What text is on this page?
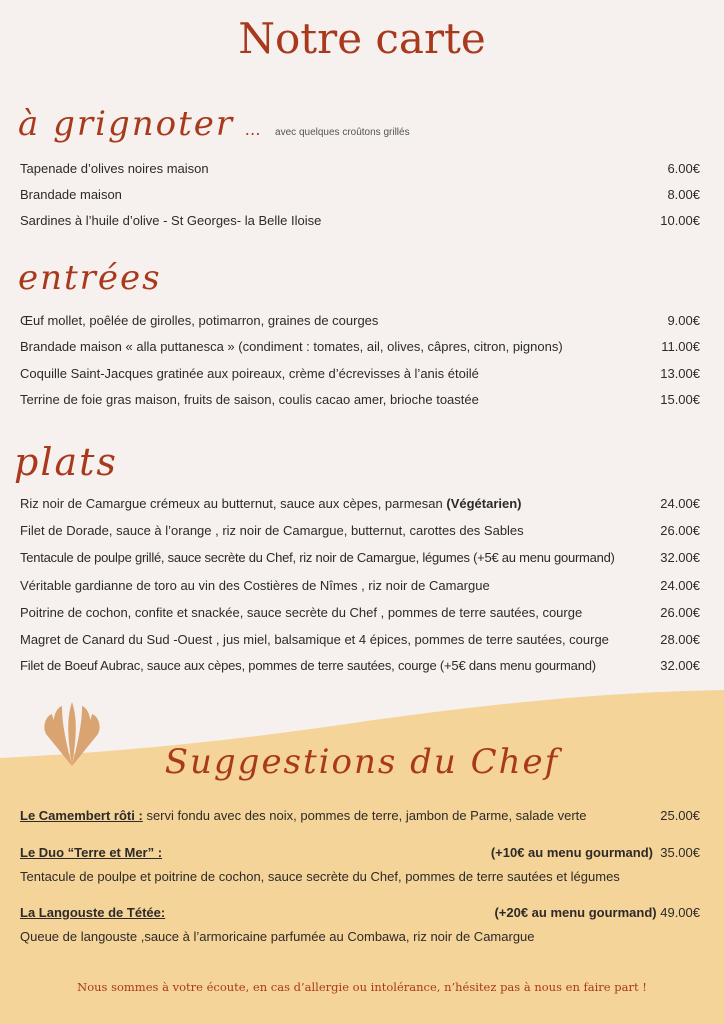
Notre carte
à grignoter … avec quelques croûtons grillés
Tapenade d’olives noires maison	6.00€
Brandade maison	8.00€
Sardines à l’huile d’olive - St Georges- la Belle Iloise	10.00€
entrées
Œuf mollet, poêlée de girolles, potimarron, graines de courges	9.00€
Brandade maison « alla puttanesca » (condiment : tomates, ail, olives, câpres, citron, pignons)	11.00€
Coquille Saint-Jacques gratinée aux poireaux, crème d’écrevisses à l’anis étoilé	13.00€
Terrine de foie gras maison, fruits de saison, coulis cacao amer, brioche toastée	15.00€
plats
Riz noir de Camargue crémeux au butternut, sauce aux cèpes, parmesan (Végétarien)	24.00€
Filet de Dorade, sauce à l’orange , riz noir de Camargue, butternut, carottes des Sables	26.00€
Tentacule de poulpe grillé, sauce secrète du Chef, riz noir de Camargue, légumes (+5€ au menu gourmand)	32.00€
Véritable gardianne de toro au vin des Costières de Nîmes , riz noir de Camargue	24.00€
Poitrine de cochon, confite et snackée, sauce secrète du Chef , pommes de terre sautées, courge	26.00€
Magret de Canard du Sud -Ouest , jus miel, balsamique et 4 épices, pommes de terre sautées, courge	28.00€
Filet de Boeuf Aubrac, sauce aux cèpes, pommes de terre sautées, courge (+5€ dans menu gourmand)	32.00€
Suggestions du Chef
Le Camembert rôti : servi fondu avec des noix, pommes de terre, jambon de Parme, salade verte	25.00€
Le Duo “Terre et Mer” :	(+10€ au menu gourmand) 35.00€
Tentacule de poulpe et poitrine de cochon, sauce secrète du Chef, pommes de terre sautées et légumes
La Langouste de Tétée:	(+20€ au menu gourmand) 49.00€
Queue de langouste ,sauce à l’armoricaine parfumée au Combawa, riz noir de Camargue
Nous sommes à votre écoute, en cas d’allergie ou intolérance, n’hésitez pas à nous en faire part !
